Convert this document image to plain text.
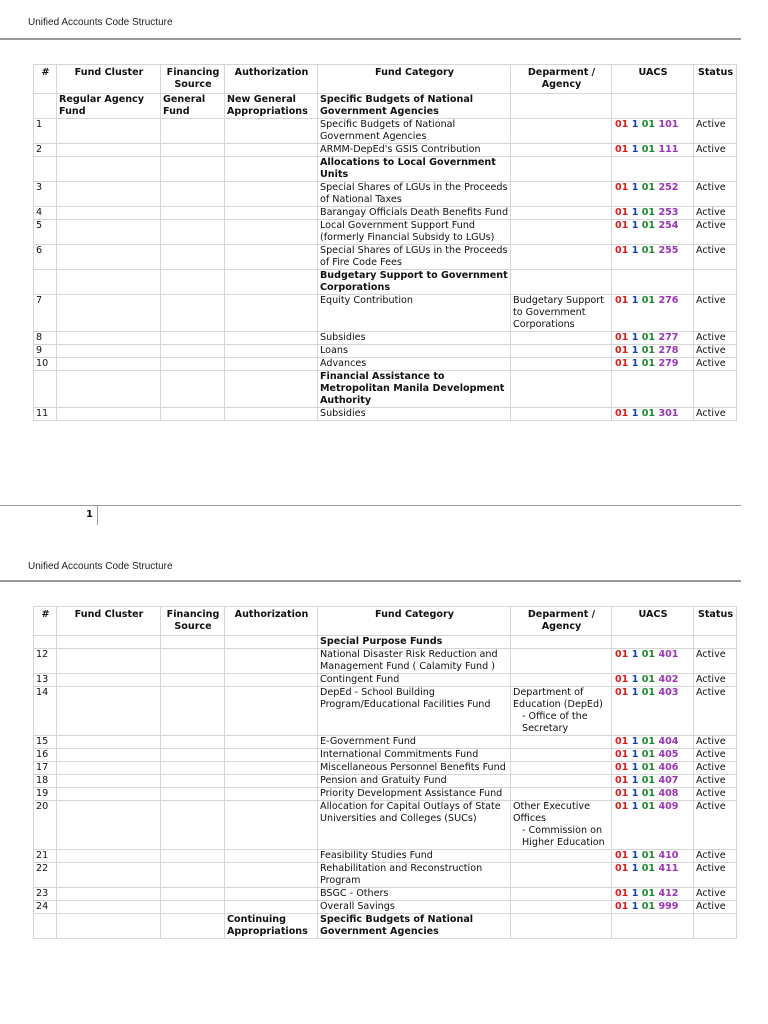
Unified Accounts Code Structure
#	Fund Cluster	Financing Source	Authorization	Fund Category	Deparment / Agency	UACS	Status
	Regular Agency Fund	General Fund	New General Appropriations	Specific Budgets of National Government Agencies			
1				Specific Budgets of National Government Agencies		01 1 01 101	Active
2				ARMM-DepEd's GSIS Contribution		01 1 01 111	Active
				Allocations to Local Government Units			
3				Special Shares of LGUs in the Proceeds of National Taxes		01 1 01 252	Active
4				Barangay Officials Death Benefits Fund		01 1 01 253	Active
5				Local Government Support Fund (formerly Financial Subsidy to LGUs)		01 1 01 254	Active
6				Special Shares of LGUs in the Proceeds of Fire Code Fees		01 1 01 255	Active
				Budgetary Support to Government Corporations			
7				Equity Contribution	Budgetary Support to Government Corporations	01 1 01 276	Active
8				Subsidies		01 1 01 277	Active
9				Loans		01 1 01 278	Active
10				Advances		01 1 01 279	Active
				Financial Assistance to Metropolitan Manila Development Authority			
11				Subsidies		01 1 01 301	Active
1
Unified Accounts Code Structure
#	Fund Cluster	Financing Source	Authorization	Fund Category	Deparment / Agency	UACS	Status
				Special Purpose Funds			
12				National Disaster Risk Reduction and Management Fund ( Calamity Fund )		01 1 01 401	Active
13				Contingent Fund		01 1 01 402	Active
14				DepEd - School Building Program/Educational Facilities Fund	Department of Education (DepEd)
- Office of the Secretary	01 1 01 403	Active
15				E-Government Fund		01 1 01 404	Active
16				International Commitments Fund		01 1 01 405	Active
17				Miscellaneous Personnel Benefits Fund		01 1 01 406	Active
18				Pension and Gratuity Fund		01 1 01 407	Active
19				Priority Development Assistance Fund		01 1 01 408	Active
20				Allocation for Capital Outlays of State Universities and Colleges (SUCs)	Other Executive Offices
- Commission on Higher Education	01 1 01 409	Active
21				Feasibility Studies Fund		01 1 01 410	Active
22				Rehabilitation and Reconstruction Program		01 1 01 411	Active
23				BSGC - Others		01 1 01 412	Active
24				Overall Savings		01 1 01 999	Active
			Continuing Appropriations	Specific Budgets of National Government Agencies			
